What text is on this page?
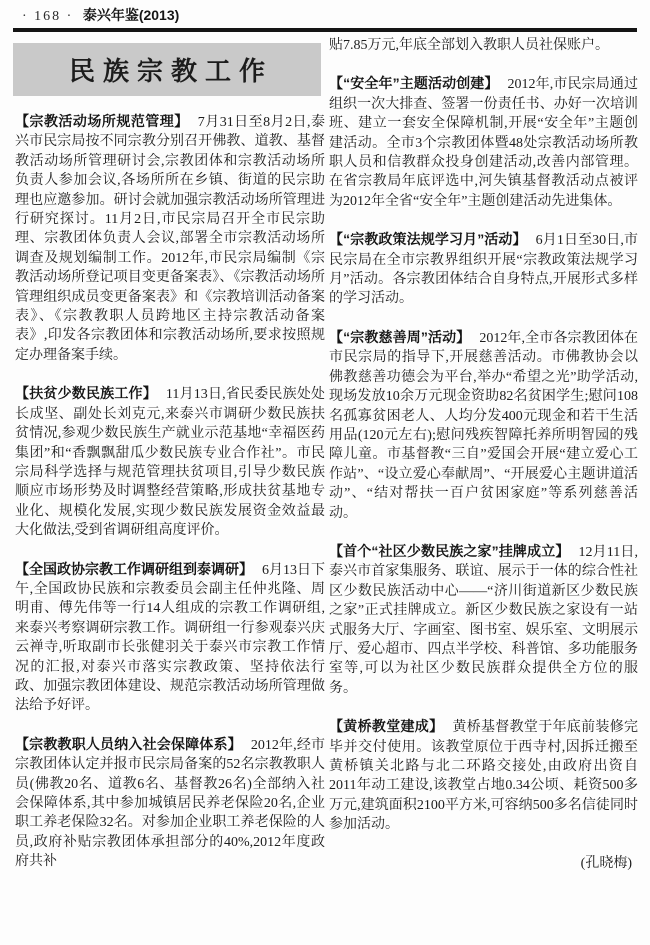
· 168 · 泰兴年鉴(2013)
民族宗教工作

【宗教活动场所规范管理】 7月31日至8月2日,泰兴市民宗局按不同宗教分别召开佛教、道教、基督教活动场所管理研讨会,宗教团体和宗教活动场所负责人参加会议,各场所所在乡镇、街道的民宗助理也应邀参加。研讨会就加强宗教活动场所管理进行研究探讨。11月2日,市民宗局召开全市民宗助理、宗教团体负责人会议,部署全市宗教活动场所调查及规划编制工作。2012年,市民宗局编制《宗教活动场所登记项目变更备案表》、《宗教活动场所管理组织成员变更备案表》和《宗教培训活动备案表》、《宗教教职人员跨地区主持宗教活动备案表》,印发各宗教团体和宗教活动场所,要求按照规定办理备案手续。

【扶贫少数民族工作】 11月13日,省民委民族处处长成坚、副处长刘克元,来泰兴市调研少数民族扶贫情况,参观少数民族生产就业示范基地“幸福医药集团”和“香飘飘甜瓜少数民族专业合作社”。市民宗局科学选择与规范管理扶贫项目,引导少数民族顺应市场形势及时调整经营策略,形成扶贫基地专业化、规模化发展,实现少数民族发展资金效益最大化做法,受到省调研组高度评价。

【全国政协宗教工作调研组到泰调研】 6月13日下午,全国政协民族和宗教委员会副主任仲兆隆、周明甫、傅先伟等一行14人组成的宗教工作调研组,来泰兴考察调研宗教工作。调研组一行参观泰兴庆云禅寺,听取副市长张健羽关于泰兴市宗教工作情况的汇报,对泰兴市落实宗教政策、坚持依法行政、加强宗教团体建设、规范宗教活动场所管理做法给予好评。

【宗教教职人员纳入社会保障体系】 2012年,经市宗教团体认定并报市民宗局备案的52名宗教教职人员(佛教20名、道教6名、基督教26名)全部纳入社会保障体系,其中参加城镇居民养老保险20名,企业职工养老保险32名。对参加企业职工养老保险的人员,政府补贴宗教团体承担部分的40%,2012年度政府共补

贴7.85万元,年底全部划入教职人员社保账户。

【“安全年”主题活动创建】 2012年,市民宗局通过组织一次大排查、签署一份责任书、办好一次培训班、建立一套安全保障机制,开展“安全年”主题创建活动。全市3个宗教团体暨48处宗教活动场所教职人员和信教群众投身创建活动,改善内部管理。在省宗教局年底评选中,河失镇基督教活动点被评为2012年全省“安全年”主题创建活动先进集体。

【“宗教政策法规学习月”活动】 6月1日至30日,市民宗局在全市宗教界组织开展“宗教政策法规学习月”活动。各宗教团体结合自身特点,开展形式多样的学习活动。

【“宗教慈善周”活动】 2012年,全市各宗教团体在市民宗局的指导下,开展慈善活动。市佛教协会以佛教慈善功德会为平台,举办“希望之光”助学活动,现场发放10余万元现金资助82名贫困学生;慰问108名孤寡贫困老人、人均分发400元现金和若干生活用品(120元左右);慰问残疾智障托养所明智园的残障儿童。市基督教“三自”爱国会开展“建立爱心工作站”、“设立爱心奉献周”、“开展爱心主题讲道活动”、“结对帮扶一百户贫困家庭”等系列慈善活动。

【首个“社区少数民族之家”挂牌成立】 12月11日,泰兴市首家集服务、联谊、展示于一体的综合性社区少数民族活动中心——“济川街道新区少数民族之家”正式挂牌成立。新区少数民族之家设有一站式服务大厅、字画室、图书室、娱乐室、文明展示厅、爱心超市、四点半学校、科普馆、多功能服务室等,可以为社区少数民族群众提供全方位的服务。

【黄桥教堂建成】 黄桥基督教堂于年底前装修完毕并交付使用。该教堂原位于西寺村,因拆迁搬至黄桥镇关北路与北二环路交接处,由政府出资自2011年动工建设,该教堂占地0.34公顷、耗资500多万元,建筑面积2100平方米,可容纳500多名信徒同时参加活动。

(孔晓梅)
